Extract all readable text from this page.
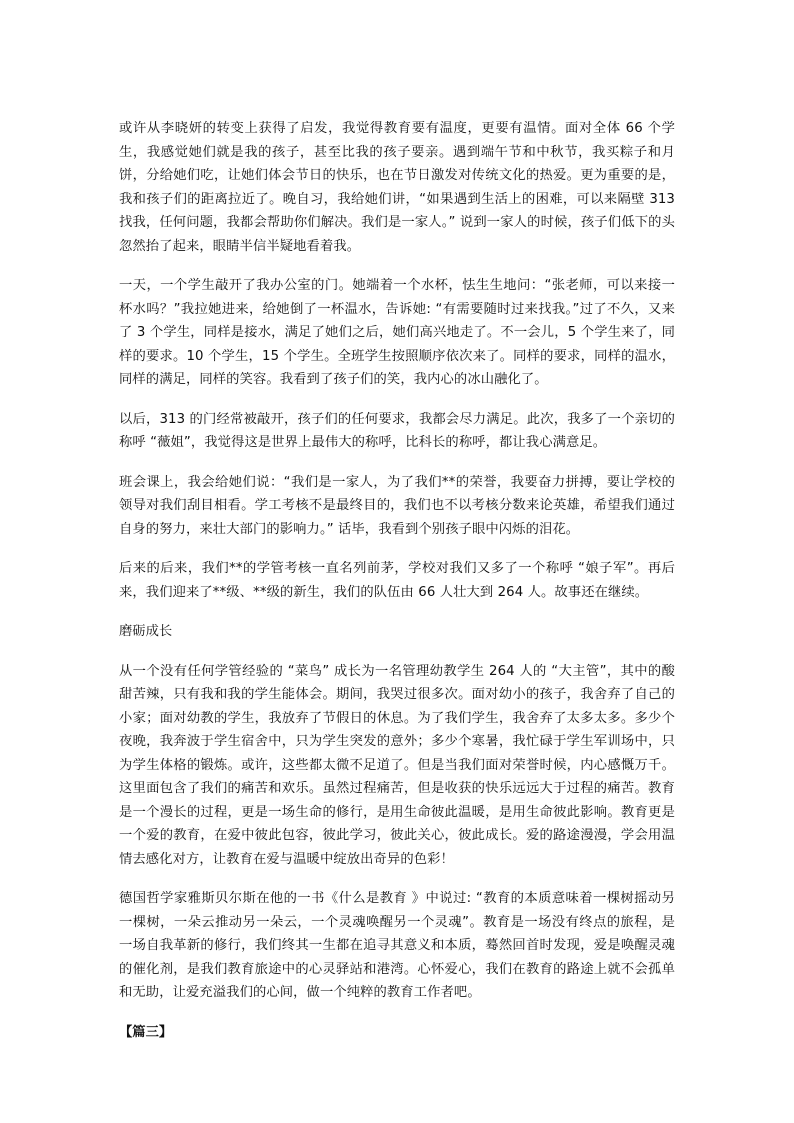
或许从李晓妍的转变上获得了启发，我觉得教育要有温度，更要有温情。面对全体 66 个学生，我感觉她们就是我的孩子，甚至比我的孩子要亲。遇到端午节和中秋节，我买粽子和月饼，分给她们吃，让她们体会节日的快乐，也在节日激发对传统文化的热爱。更为重要的是，我和孩子们的距离拉近了。晚自习，我给她们讲，“如果遇到生活上的困难，可以来隔壁 313 找我，任何问题，我都会帮助你们解决。我们是一家人。” 说到一家人的时候，孩子们低下的头忽然抬了起来，眼睛半信半疑地看着我。

一天，一个学生敲开了我办公室的门。她端着一个水杯，怯生生地问：“张老师，可以来接一杯水吗？”我拉她进来，给她倒了一杯温水，告诉她: “有需要随时过来找我。”过了不久，又来了 3 个学生，同样是接水，满足了她们之后，她们高兴地走了。不一会儿，5 个学生来了，同样的要求。10 个学生，15 个学生。全班学生按照顺序依次来了。同样的要求，同样的温水，同样的满足，同样的笑容。我看到了孩子们的笑，我内心的冰山融化了。

以后，313 的门经常被敲开，孩子们的任何要求，我都会尽力满足。此次，我多了一个亲切的称呼 “薇姐”，我觉得这是世界上最伟大的称呼，比科长的称呼，都让我心满意足。

班会课上，我会给她们说：“我们是一家人，为了我们**的荣誉，我要奋力拼搏，要让学校的领导对我们刮目相看。学工考核不是最终目的，我们也不以考核分数来论英雄，希望我们通过自身的努力，来壮大部门的影响力。” 话毕，我看到个别孩子眼中闪烁的泪花。

后来的后来，我们**的学管考核一直名列前茅，学校对我们又多了一个称呼 “娘子军”。再后来，我们迎来了**级、**级的新生，我们的队伍由 66 人壮大到 264 人。故事还在继续。

磨砺成长

从一个没有任何学管经验的 “菜鸟” 成长为一名管理幼教学生 264 人的 “大主管”，其中的酸甜苦辣，只有我和我的学生能体会。期间，我哭过很多次。面对幼小的孩子，我舍弃了自己的小家；面对幼教的学生，我放弃了节假日的休息。为了我们学生，我舍弃了太多太多。多少个夜晚，我奔波于学生宿舍中，只为学生突发的意外；多少个寒暑，我忙碌于学生军训场中，只为学生体格的锻炼。或许，这些都太微不足道了。但是当我们面对荣誉时候，内心感慨万千。这里面包含了我们的痛苦和欢乐。虽然过程痛苦，但是收获的快乐远远大于过程的痛苦。教育是一个漫长的过程，更是一场生命的修行，是用生命彼此温暖，是用生命彼此影响。教育更是一个爱的教育，在爱中彼此包容，彼此学习，彼此关心，彼此成长。爱的路途漫漫，学会用温情去感化对方，让教育在爱与温暖中绽放出奇异的色彩！

德国哲学家雅斯贝尔斯在他的一书《什么是教育 》中说过: “教育的本质意味着一棵树摇动另一棵树，一朵云推动另一朵云，一个灵魂唤醒另一个灵魂”。教育是一场没有终点的旅程，是一场自我革新的修行，我们终其一生都在追寻其意义和本质，蓦然回首时发现，爱是唤醒灵魂的催化剂，是我们教育旅途中的心灵驿站和港湾。心怀爱心，我们在教育的路途上就不会孤单和无助，让爱充溢我们的心间，做一个纯粹的教育工作者吧。

【篇三】
